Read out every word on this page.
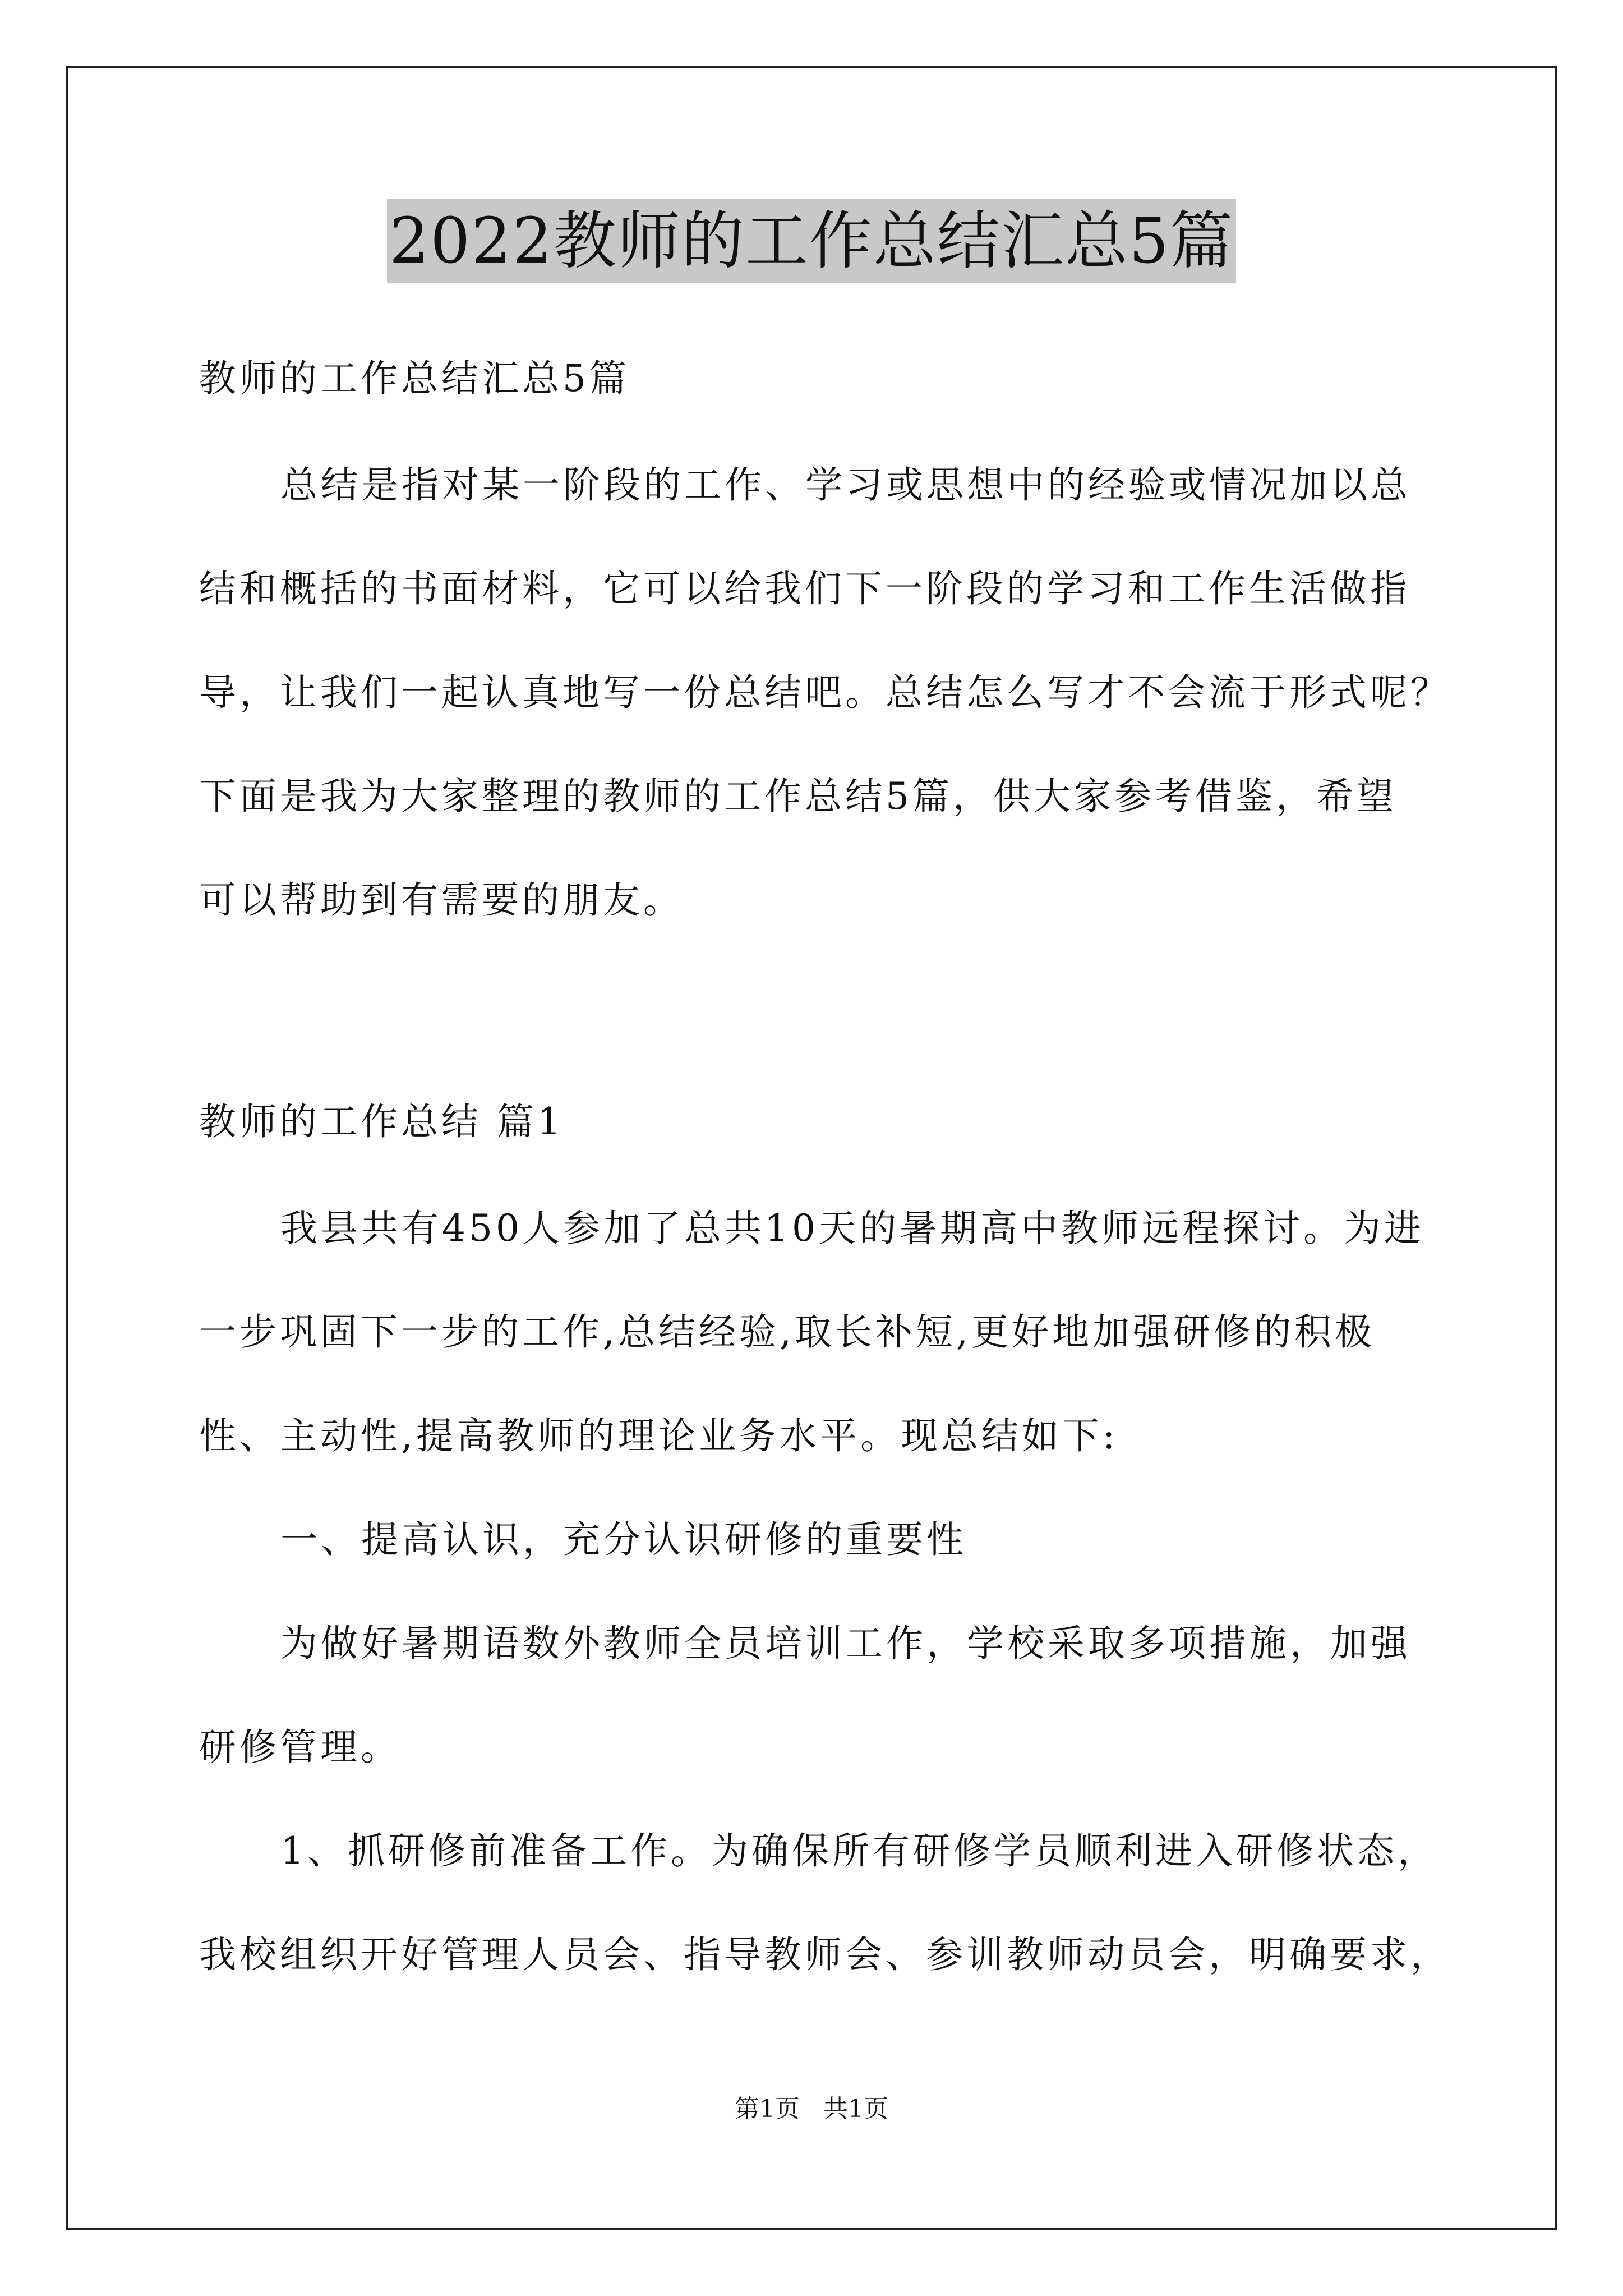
2022教师的工作总结汇总5篇
教师的工作总结汇总5篇
总结是指对某一阶段的工作、学习或思想中的经验或情况加以总
结和概括的书面材料，它可以给我们下一阶段的学习和工作生活做指
导，让我们一起认真地写一份总结吧。总结怎么写才不会流于形式呢？
下面是我为大家整理的教师的工作总结5篇，供大家参考借鉴，希望
可以帮助到有需要的朋友。
教师的工作总结 篇1
我县共有450人参加了总共10天的暑期高中教师远程探讨。为进
一步巩固下一步的工作,总结经验,取长补短,更好地加强研修的积极
性、主动性,提高教师的理论业务水平。现总结如下:
一、提高认识，充分认识研修的重要性
为做好暑期语数外教师全员培训工作，学校采取多项措施，加强
研修管理。
1、抓研修前准备工作。为确保所有研修学员顺利进入研修状态，
我校组织开好管理人员会、指导教师会、参训教师动员会，明确要求，
第1页 共1页
